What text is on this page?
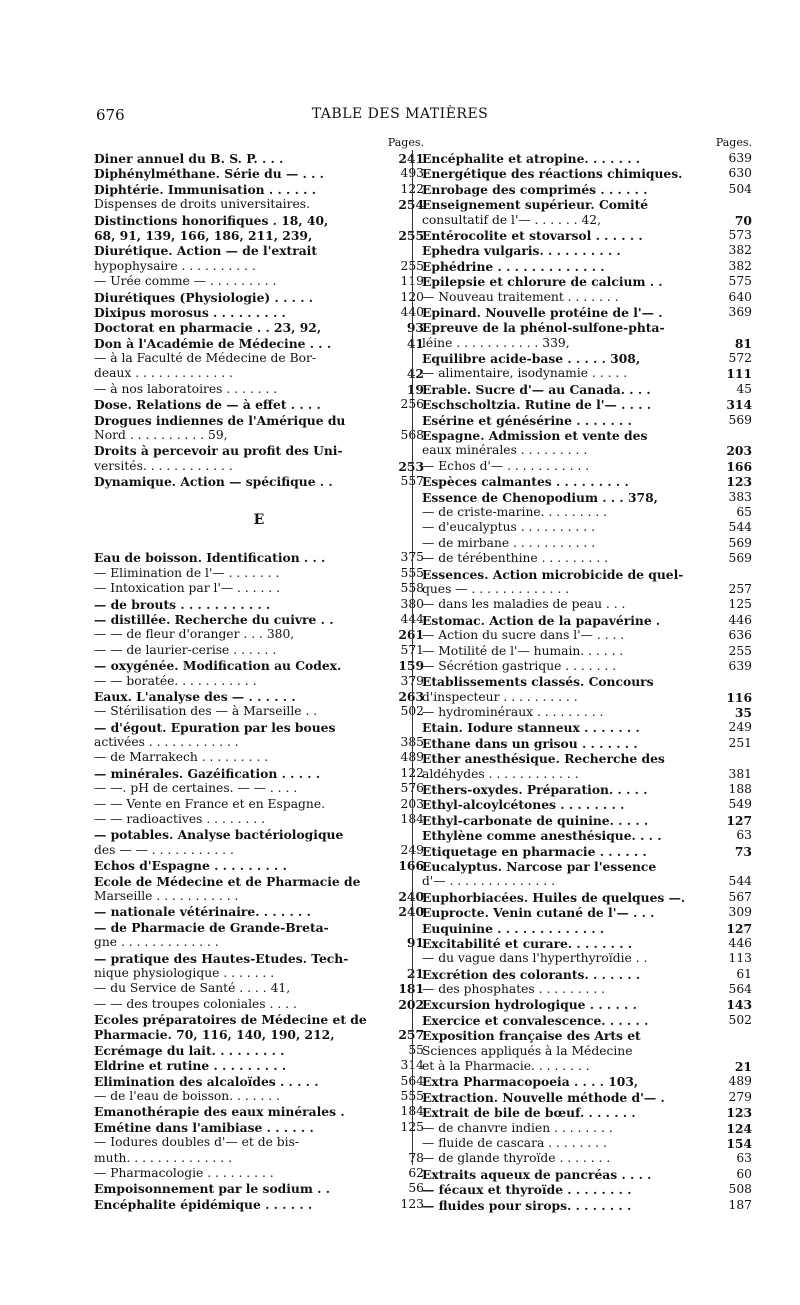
676	TABLE DES MATIÈRES
Pages.
Diner annuel du B. S. P. . . .	241
Diphénylméthane. Série du — . . .	493
Diphtérie. Immunisation . . . . . .	122
Dispenses de droits universitaires.	254
Distinctions honorifiques . 18, 40,
68, 91, 139, 166, 186, 211, 239,	255
Diurétique. Action — de l'extrait
hypophysaire . . . . . . . . . .	255
— Urée comme — . . . . . . . . .	119
Diurétiques (Physiologie) . . . . .	120
Dixipus morosus . . . . . . . . .	440
Doctorat en pharmacie . . 23, 92,	93
Don à l'Académie de Médecine . . .	41
— à la Faculté de Médecine de Bor-
deaux . . . . . . . . . . . . .	42
— à nos laboratoires . . . . . . .	19
Dose. Relations de — à effet . . . .	256
Drogues indiennes de l'Amérique du
Nord . . . . . . . . . . 59,	568
Droits à percevoir au profit des Uni-
versités. . . . . . . . . . . .	253
Dynamique. Action — spécifique . .	557
E
Eau de boisson. Identification . . .	375
— Elimination de l'— . . . . . . .	555
— Intoxication par l'— . . . . . .	558
— de brouts . . . . . . . . . . .	380
— distillée. Recherche du cuivre . .	444
— — de fleur d'oranger . . . 380,	261
— — de laurier-cerise . . . . . .	571
— oxygénée. Modification au Codex.	159
— — boratée. . . . . . . . . . .	379
Eaux. L'analyse des — . . . . . .	263
— Stérilisation des — à Marseille . .	502
— d'égout. Epuration par les boues
activées . . . . . . . . . . . .	385
— de Marrakech . . . . . . . . .	489
— minérales. Gazéification . . . . .	122
— —. pH de certaines. — — . . . .	576
— — Vente en France et en Espagne.	203
— — radioactives . . . . . . . .	184
— potables. Analyse bactériologique
des — — . . . . . . . . . . .	249
Echos d'Espagne . . . . . . . . .	166
Ecole de Médecine et de Pharmacie de
Marseille . . . . . . . . . . .	240
— nationale vétérinaire. . . . . . .	240
— de Pharmacie de Grande-Breta-
gne . . . . . . . . . . . . .	91
— pratique des Hautes-Etudes. Tech-
nique physiologique . . . . . . .	21
— du Service de Santé . . . . 41,	181
— — des troupes coloniales . . . .	202
Ecoles préparatoires de Médecine et de
Pharmacie. 70, 116, 140, 190, 212,	257
Ecrémage du lait. . . . . . . . .	55
Eldrine et rutine . . . . . . . . .	314
Elimination des alcaloïdes . . . . .	564
— de l'eau de boisson. . . . . . .	555
Emanothérapie des eaux minérales .	184
Emétine dans l'amibiase . . . . . .	125
— Iodures doubles d'— et de bis-
muth. . . . . . . . . . . . . .	78
— Pharmacologie . . . . . . . . .	62
Empoisonnement par le sodium . .	56
Encéphalite épidémique . . . . . .	123
Pages.
Encéphalite et atropine. . . . . . .	639
Energétique des réactions chimiques.	630
Enrobage des comprimés . . . . . .	504
Enseignement supérieur. Comité
consultatif de l'— . . . . . . 42,	70
Entérocolite et stovarsol . . . . . .	573
Ephedra vulgaris. . . . . . . . . .	382
Ephédrine . . . . . . . . . . . . .	382
Epilepsie et chlorure de calcium . .	575
— Nouveau traitement . . . . . . .	640
Epinard. Nouvelle protéine de l'— .	369
Epreuve de la phénol-sulfone-phta-
léine . . . . . . . . . . . 339,	81
Equilibre acide-base . . . . . 308,	572
— alimentaire, isodynamie . . . . .	111
Erable. Sucre d'— au Canada. . . .	45
Eschscholtzia. Rutine de l'— . . . .	314
Esérine et génésérine . . . . . . .	569
Espagne. Admission et vente des
eaux minérales . . . . . . . . .	203
— Echos d'— . . . . . . . . . . .	166
Espèces calmantes . . . . . . . . .	123
Essence de Chenopodium . . . 378,	383
— de criste-marine. . . . . . . . .	65
— d'eucalyptus . . . . . . . . . .	544
— de mirbane . . . . . . . . . . .	569
— de térébenthine . . . . . . . . .	569
Essences. Action microbicide de quel-
ques — . . . . . . . . . . . . .	257
— dans les maladies de peau . . .	125
Estomac. Action de la papavérine .	446
— Action du sucre dans l'— . . . .	636
— Motilité de l'— humain. . . . . .	255
— Sécrétion gastrique . . . . . . .	639
Etablissements classés. Concours
d'inspecteur . . . . . . . . . .	116
— hydrominéraux . . . . . . . . .	35
Etain. Iodure stanneux . . . . . . .	249
Ethane dans un grisou . . . . . . .	251
Ether anesthésique. Recherche des
aldéhydes . . . . . . . . . . . .	381
Ethers-oxydes. Préparation. . . . .	188
Ethyl-alcoylcétones . . . . . . . .	549
Ethyl-carbonate de quinine. . . . .	127
Ethylène comme anesthésique. . . .	63
Etiquetage en pharmacie . . . . . .	73
Eucalyptus. Narcose par l'essence
d'— . . . . . . . . . . . . . .	544
Euphorbiacées. Huiles de quelques —.	567
Euprocte. Venin cutané de l'— . . .	309
Euquinine . . . . . . . . . . . . .	127
Excitabilité et curare. . . . . . . .	446
— du vague dans l'hyperthyroïdie . .	113
Excrétion des colorants. . . . . . .	61
— des phosphates . . . . . . . . .	564
Excursion hydrologique . . . . . .	143
Exercice et convalescence. . . . . .	502
Exposition française des Arts et
Sciences appliqués à la Médecine
et à la Pharmacie. . . . . . . .	21
Extra Pharmacopoeia . . . . 103,	489
Extraction. Nouvelle méthode d'— .	279
Extrait de bile de bœuf. . . . . . .	123
— de chanvre indien . . . . . . . .	124
— fluide de cascara . . . . . . . .	154
— de glande thyroïde . . . . . . .	63
Extraits aqueux de pancréas . . . .	60
— fécaux et thyroïde . . . . . . . .	508
— fluides pour sirops. . . . . . . .	187
